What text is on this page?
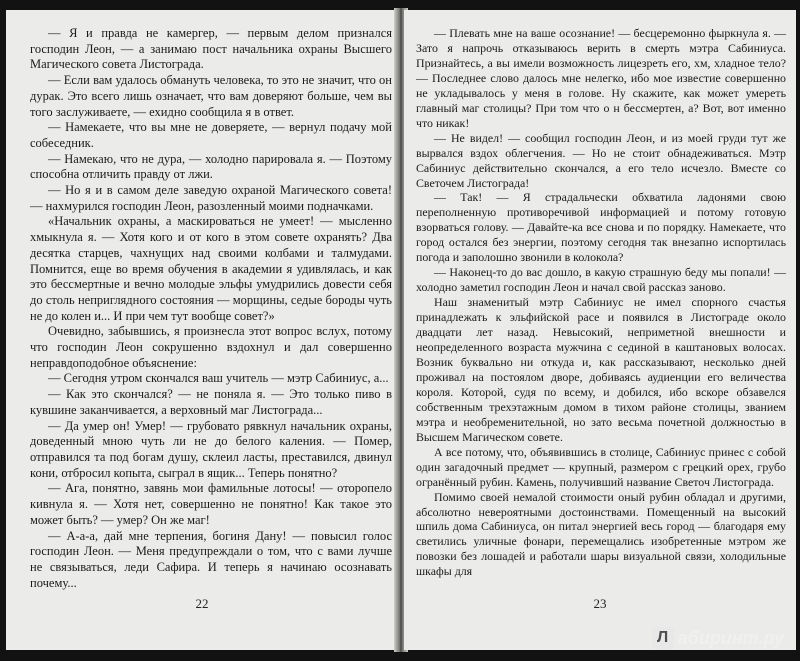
— Я и правда не камергер, — первым делом признался господин Леон, — а занимаю пост начальника охраны Высшего Магического совета Листограда.

— Если вам удалось обмануть человека, то это не значит, что он дурак. Это всего лишь означает, что вам доверяют больше, чем вы того заслуживаете, — ехидно сообщила я в ответ.

— Намекаете, что вы мне не доверяете, — вернул подачу мой собеседник.

— Намекаю, что не дура, — холодно парировала я. — Поэтому способна отличить правду от лжи.

— Но я и в самом деле заведую охраной Магического совета! — нахмурился господин Леон, разозленный моими подначками.

«Начальник охраны, а маскироваться не умеет! — мысленно хмыкнула я. — Хотя кого и от кого в этом совете охранять? Два десятка старцев, чахнущих над своими колбами и талмудами. Помнится, еще во время обучения в академии я удивлялась, и как это бессмертные и вечно молодые эльфы умудрились довести себя до столь неприглядного состояния — морщины, седые бороды чуть не до колен и... И при чем тут вообще совет?»

Очевидно, забывшись, я произнесла этот вопрос вслух, потому что господин Леон сокрушенно вздохнул и дал совершенно неправдоподобное объяснение:

— Сегодня утром скончался ваш учитель — мэтр Сабиниус, а...

— Как это скончался? — не поняла я. — Это только пиво в кувшине заканчивается, а верховный маг Листограда...

— Да умер он! Умер! — грубовато рявкнул начальник охраны, доведенный мною чуть ли не до белого каления. — Помер, отправился та под богам душу, склеил ласты, преставился, двинул кони, отбросил копыта, сыграл в ящик... Теперь понятно?

— Ага, понятно, завянь мои фамильные лотосы! — оторопело кивнула я. — Хотя нет, совершенно не понятно! Как такое это может быть? — умер? Он же маг!

— А-а-а, дай мне терпения, богиня Дану! — повысил голос господин Леон. — Меня предупреждали о том, что с вами лучше не связываться, леди Сафира. И теперь я начинаю осознавать почему...

22

— Плевать мне на ваше осознание! — бесцеремонно фыркнула я. — Зато я напрочь отказываюсь верить в смерть мэтра Сабиниуса. Признайтесь, а вы имели возможность лицезреть его, хм, хладное тело? — Последнее слово далось мне нелегко, ибо мое известие совершенно не укладывалось у меня в голове. Ну скажите, как может умереть главный маг столицы? При том что о н бессмертен, а? Вот, вот именно что никак!

— Не видел! — сообщил господин Леон, и из моей груди тут же вырвался вздох облегчения. — Но не стоит обнадеживаться. Мэтр Сабиниус действительно скончался, а его тело исчезло. Вместе со Светочем Листограда!

— Так! — Я страдальчески обхватила ладонями свою переполненную противоречивой информацией и потому готовую взорваться голову. — Давайте-ка все снова и по порядку. Намекаете, что город остался без энергии, поэтому сегодня так внезапно испортилась погода и заполошно звонили в колокола?

— Наконец-то до вас дошло, в какую страшную беду мы попали! — холодно заметил господин Леон и начал свой рассказ заново.

Наш знаменитый мэтр Сабиниус не имел спорного счастья принадлежать к эльфийской расе и появился в Листограде около двадцати лет назад. Невысокий, неприметной внешности и неопределенного возраста мужчина с сединой в каштановых волосах. Возник буквально ни откуда и, как рассказывают, несколько дней проживал на постоялом дворе, добиваясь аудиенции его величества короля. Которой, судя по всему, и добился, ибо вскоре обзавелся собственным трехэтажным домом в тихом районе столицы, званием мэтра и необременительной, но зато весьма почетной должностью в Высшем Магическом совете.

А все потому, что, объявившись в столице, Сабиниус принес с собой один загадочный предмет — крупный, размером с грецкий орех, грубо огранённый рубин. Камень, получивший название Светоч Листограда.

Помимо своей немалой стоимости оный рубин обладал и другими, абсолютно невероятными достоинствами. Помещенный на высокий шпиль дома Сабиниуса, он питал энергией весь город — благодаря ему светились уличные фонари, перемещались изобретенные мэтром же повозки без лошадей и работали шары визуальной связи, холодильные шкафы для

23
Л абиринт.ру
